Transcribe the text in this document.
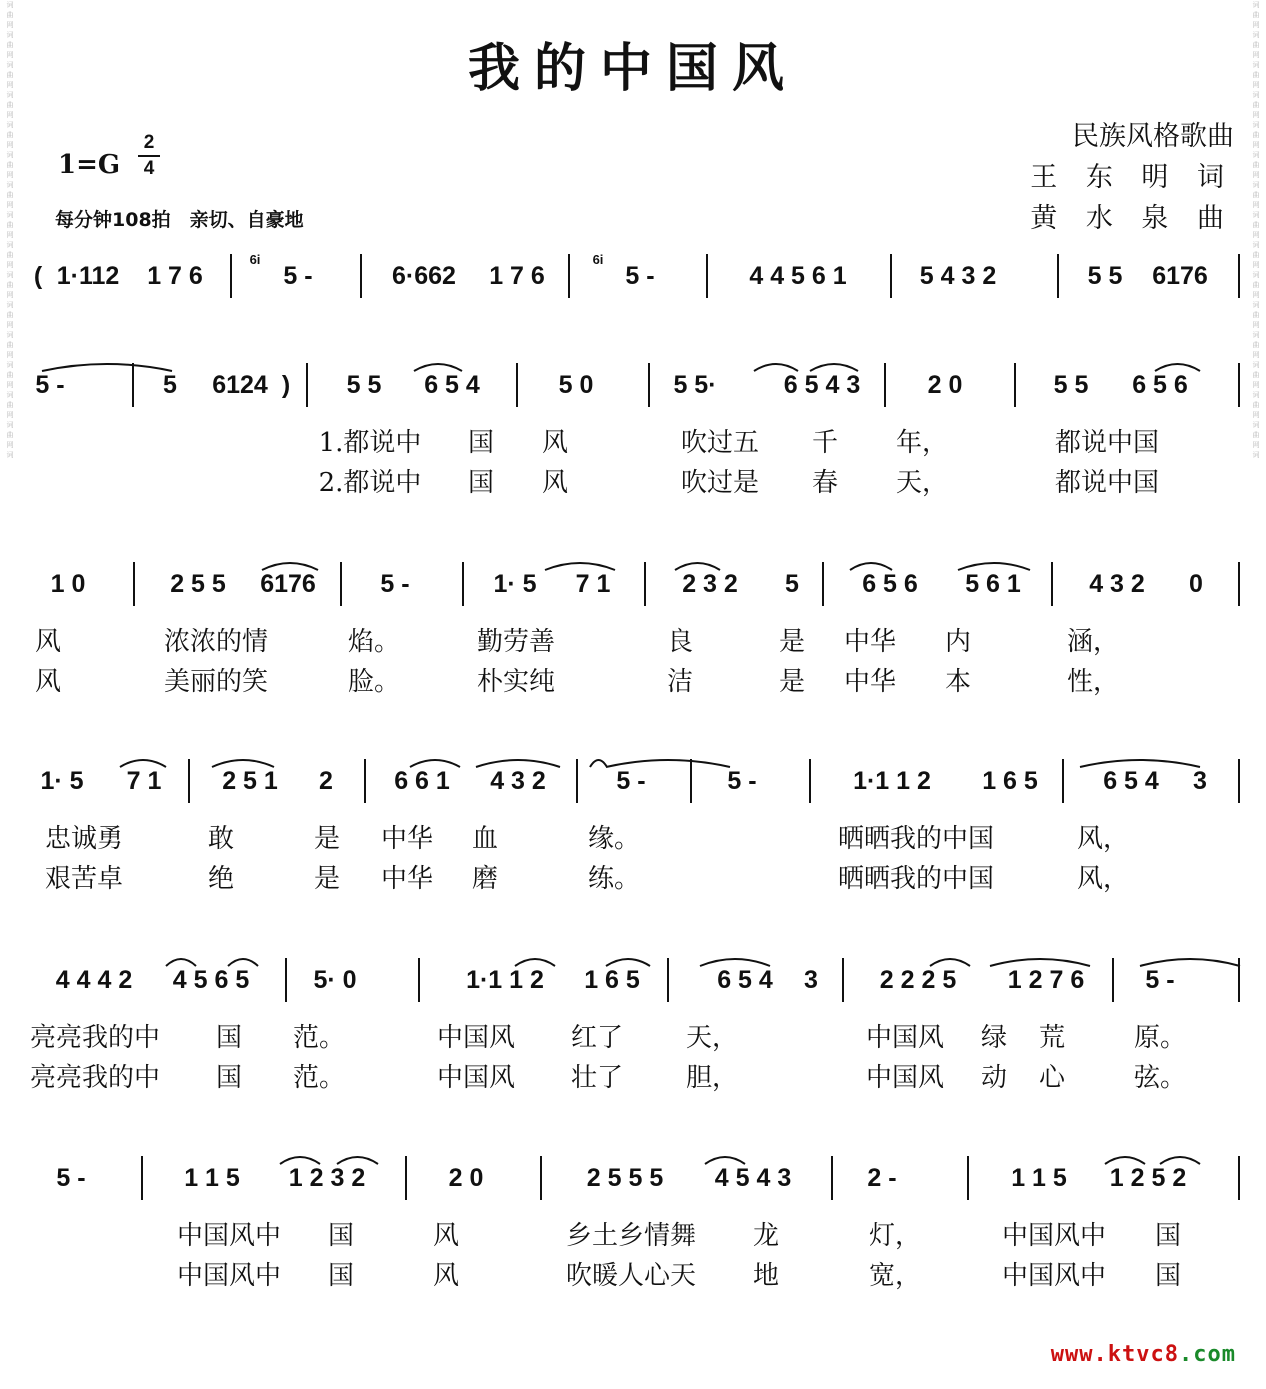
词
曲
网
词
曲
网
词
曲
网
词
曲
网
词
曲
网
词
曲
网
词
曲
网
词
曲
网
词
曲
网
词
曲
网
词
曲
网
词
曲
网
词
曲
网
词
曲
网
词
曲
网
词
词
曲
网
词
曲
网
词
曲
网
词
曲
网
词
曲
网
词
曲
网
词
曲
网
词
曲
网
词
曲
网
词
曲
网
词
曲
网
词
曲
网
词
曲
网
词
曲
网
词
曲
网
词
我的中国风
1=G
2
4
每分钟108拍　亲切、自豪地
民族风格歌曲
王 东 明 词
黄 水 泉 曲
( 1·112 1 7 6
6i
5 -	6·662 1 7 6
6i
5 -	4 4 5 6 1	5 4 3 2	5 5 6176
5 -	5 6124 ) 5 5 6 5 4	5 0	5 5·	6 5 4 3	2 0	5 5 6 5 6
1.都说中 国 风	吹过五 千 年，	都说中国
2.都说中 国 风	吹过是 春 天，	都说中国
1 0	2 5 5 6176	5 -	1· 5 7 1	2 3 2 5	6 5 6 5 6 1	4 3 2 0
风	浓浓的情	焰。	勤劳善	良	是 中华 内	涵，
风	美丽的笑	脸。	朴实纯	洁	是 中华 本	性，
1· 5 7 1 2 5 1 2 6 6 1 4 3 2	5 -	5 -	1·1 1 2 1 6 5	6 5 4 3
忠诚勇	敢	是 中华 血	缘。	晒晒我的中国	风，
艰苦卓	绝	是 中华 磨	练。	晒晒我的中国	风，
4 4 4 2 4 5 6 5	5· 0	1·1 1 2 1 6 5	6 5 4 3 2 2 2 5 1 2 7 6 5 -
亮亮我的中 国 范。	中国风 红了 天，	中国风 绿 荒	原。
亮亮我的中 国 范。	中国风 壮了 胆，	中国风 动 心	弦。
5 -	1 1 5 1 2 3 2	2 0	2 5 5 5 4 5 4 3	2 -	1 1 5 1 2 5 2
中国风中 国	风	乡土乡情舞 龙	灯，	中国风中 国
中国风中 国	风	吹暖人心天 地	宽，	中国风中 国
www.ktvc8.com
